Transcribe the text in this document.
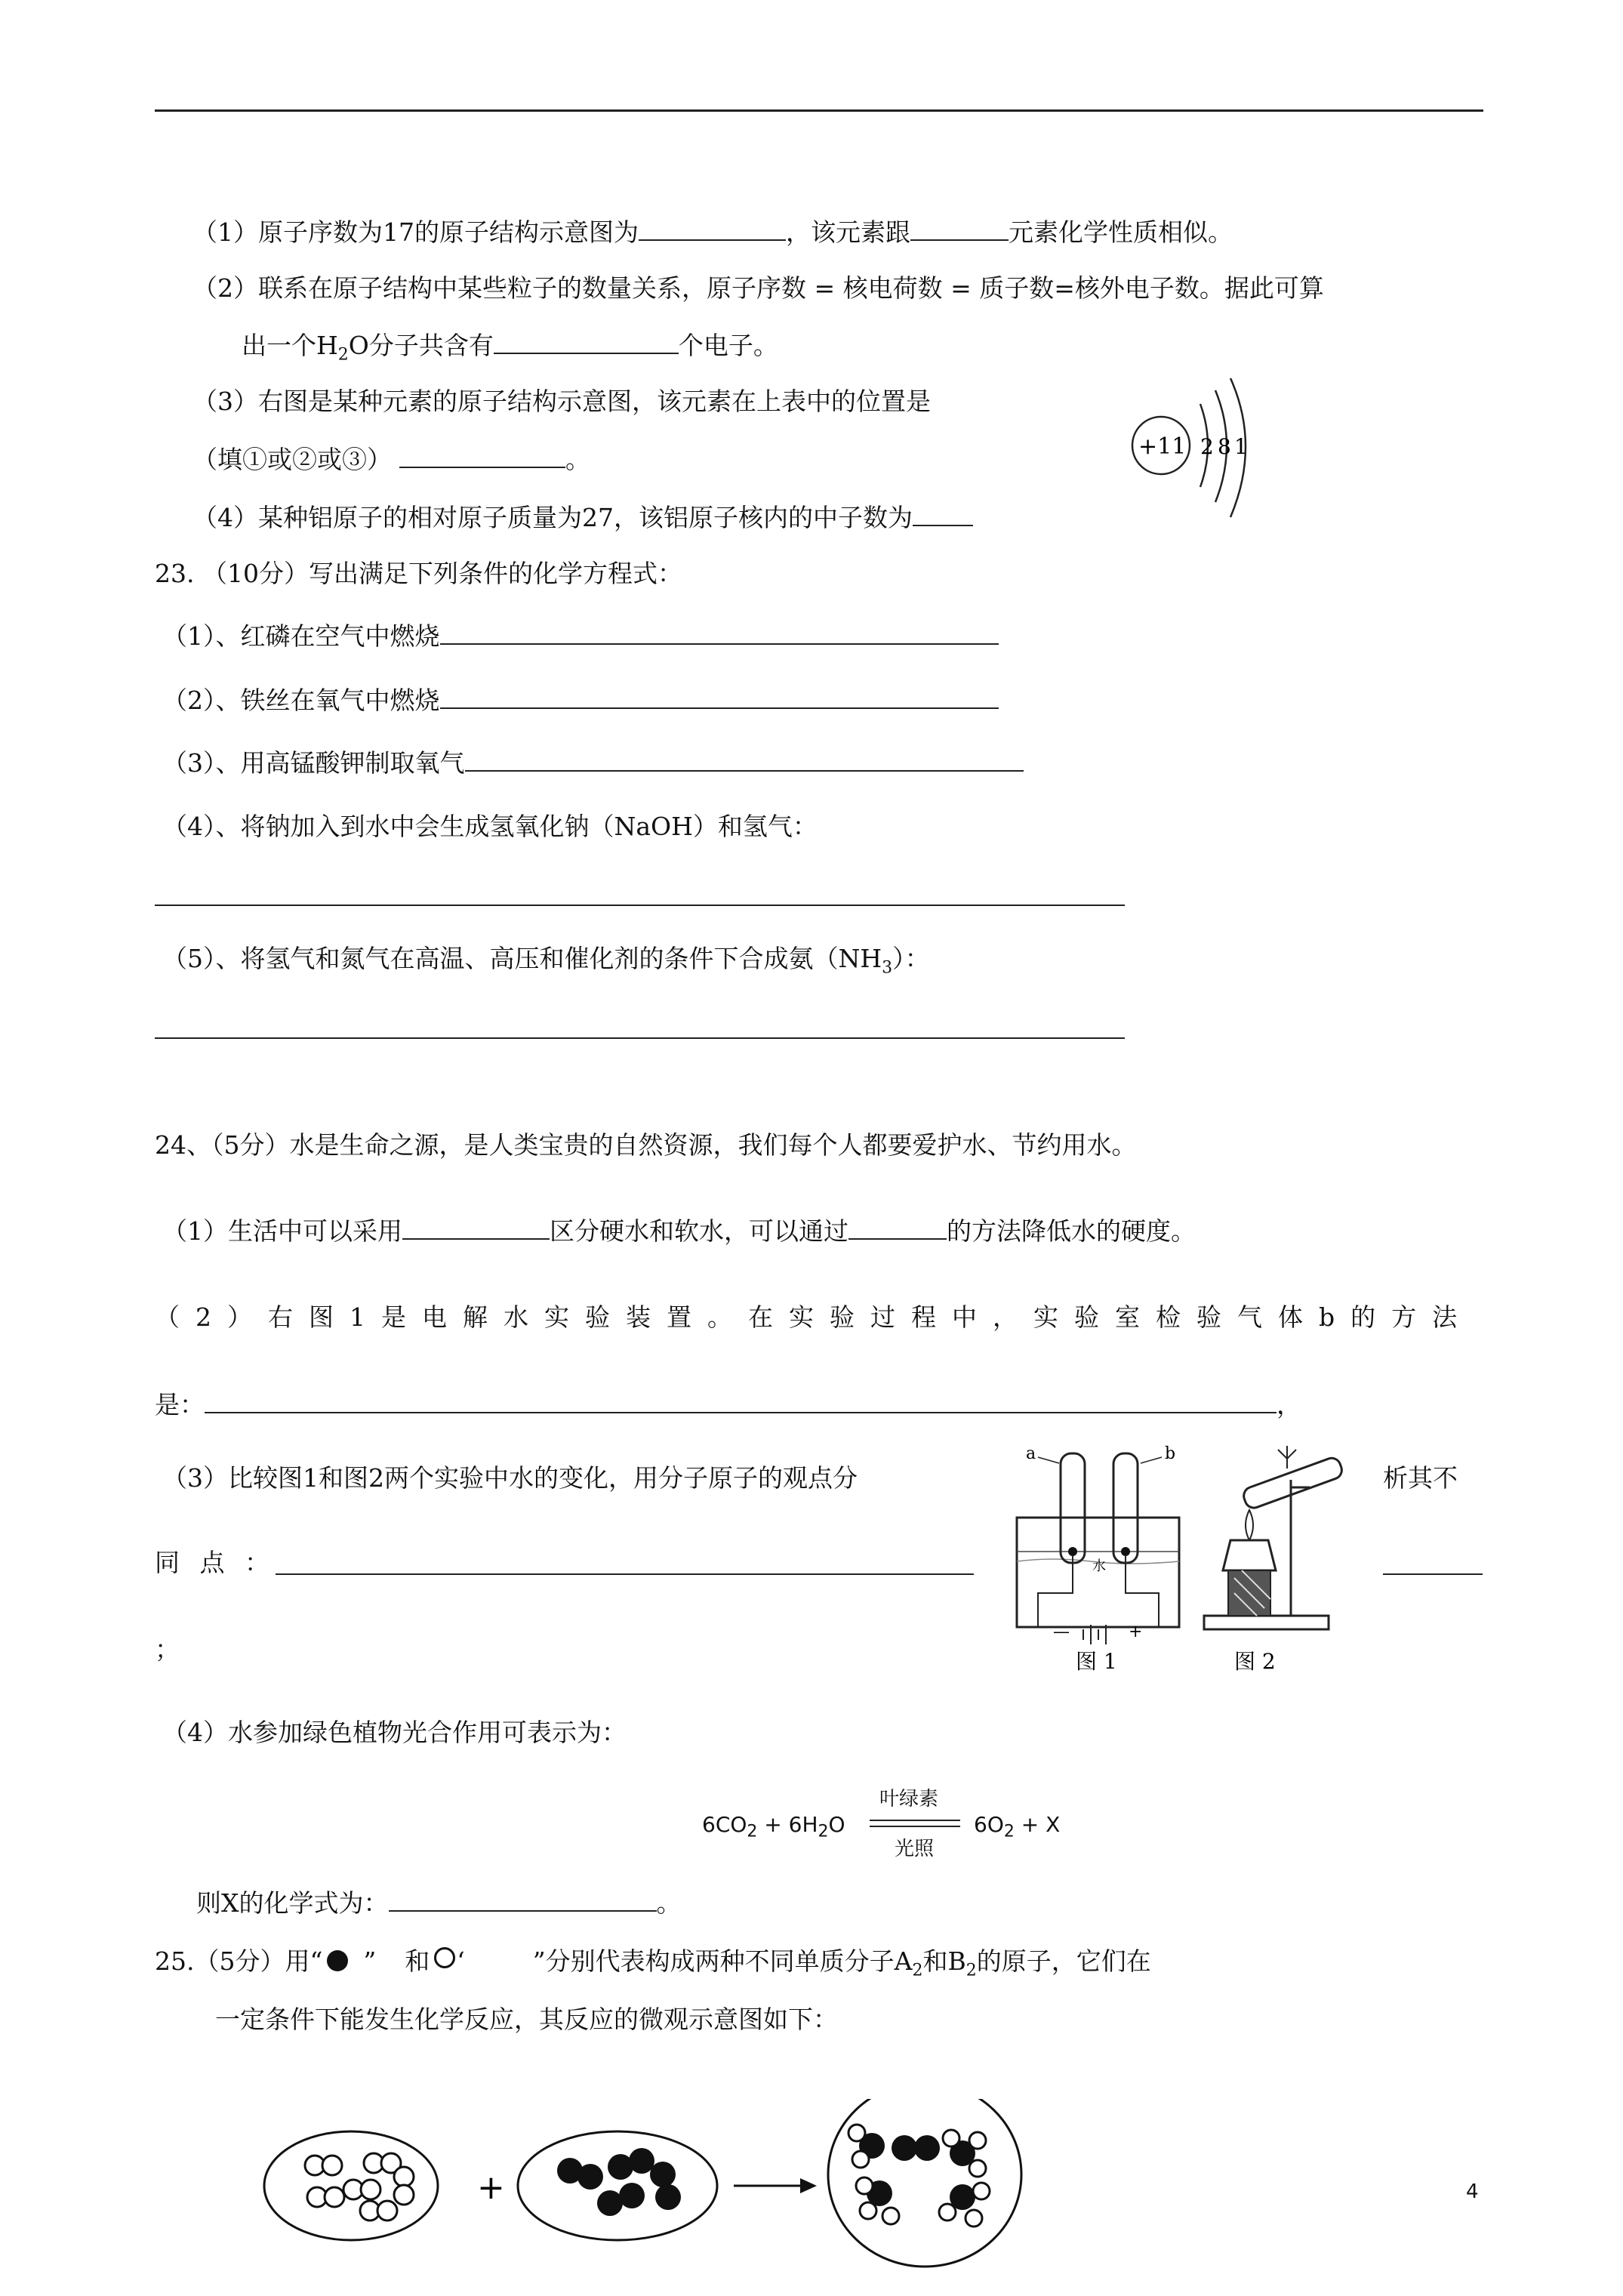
（1）原子序数为17的原子结构示意图为	，该元素跟	元素化学性质相似。
（2）联系在原子结构中某些粒子的数量关系，原子序数 = 核电荷数 = 质子数=核外电子数。据此可算
出一个$H_2O$分子共含有	个电子。
（3）右图是某种元素的原子结构示意图，该元素在上表中的位置是
（填①或②或③）	。
（4）某种铝原子的相对原子质量为27，该铝原子核内的中子数为
+11 2 8 1
23. （10分）写出满足下列条件的化学方程式：
（1）、红磷在空气中燃烧
（2）、铁丝在氧气中燃烧
（3）、用高锰酸钾制取氧气
（4）、将钠加入到水中会生成氢氧化钠（NaOH）和氢气：
（5）、将氢气和氮气在高温、高压和催化剂的条件下合成氨$(NH_3)$：
24、（5分）水是生命之源，是人类宝贵的自然资源，我们每个人都要爱护水、节约用水。
（1）生活中可以采用	区分硬水和软水，可以通过	的方法降低水的硬度。
（2）右图1是电解水实验装置。在实验过程中，实验室检验气体b的方法
是：	，
（3）比较图1和图2两个实验中水的变化，用分子原子的观点分	析其不
同 点 ：
；
a	b
水
—	+
图 1	图 2
（4）水参加绿色植物光合作用可表示为：
$6CO_2 + 6H_2O$
叶绿素
光照
$6O_2 + X$
则X的化学式为：	。
25.（5分）用“ ” 和 ‘	”分别代表构成两种不同单质分子$A_2$和$B_2$的原子，它们在
一定条件下能发生化学反应，其反应的微观示意图如下：
+	4
